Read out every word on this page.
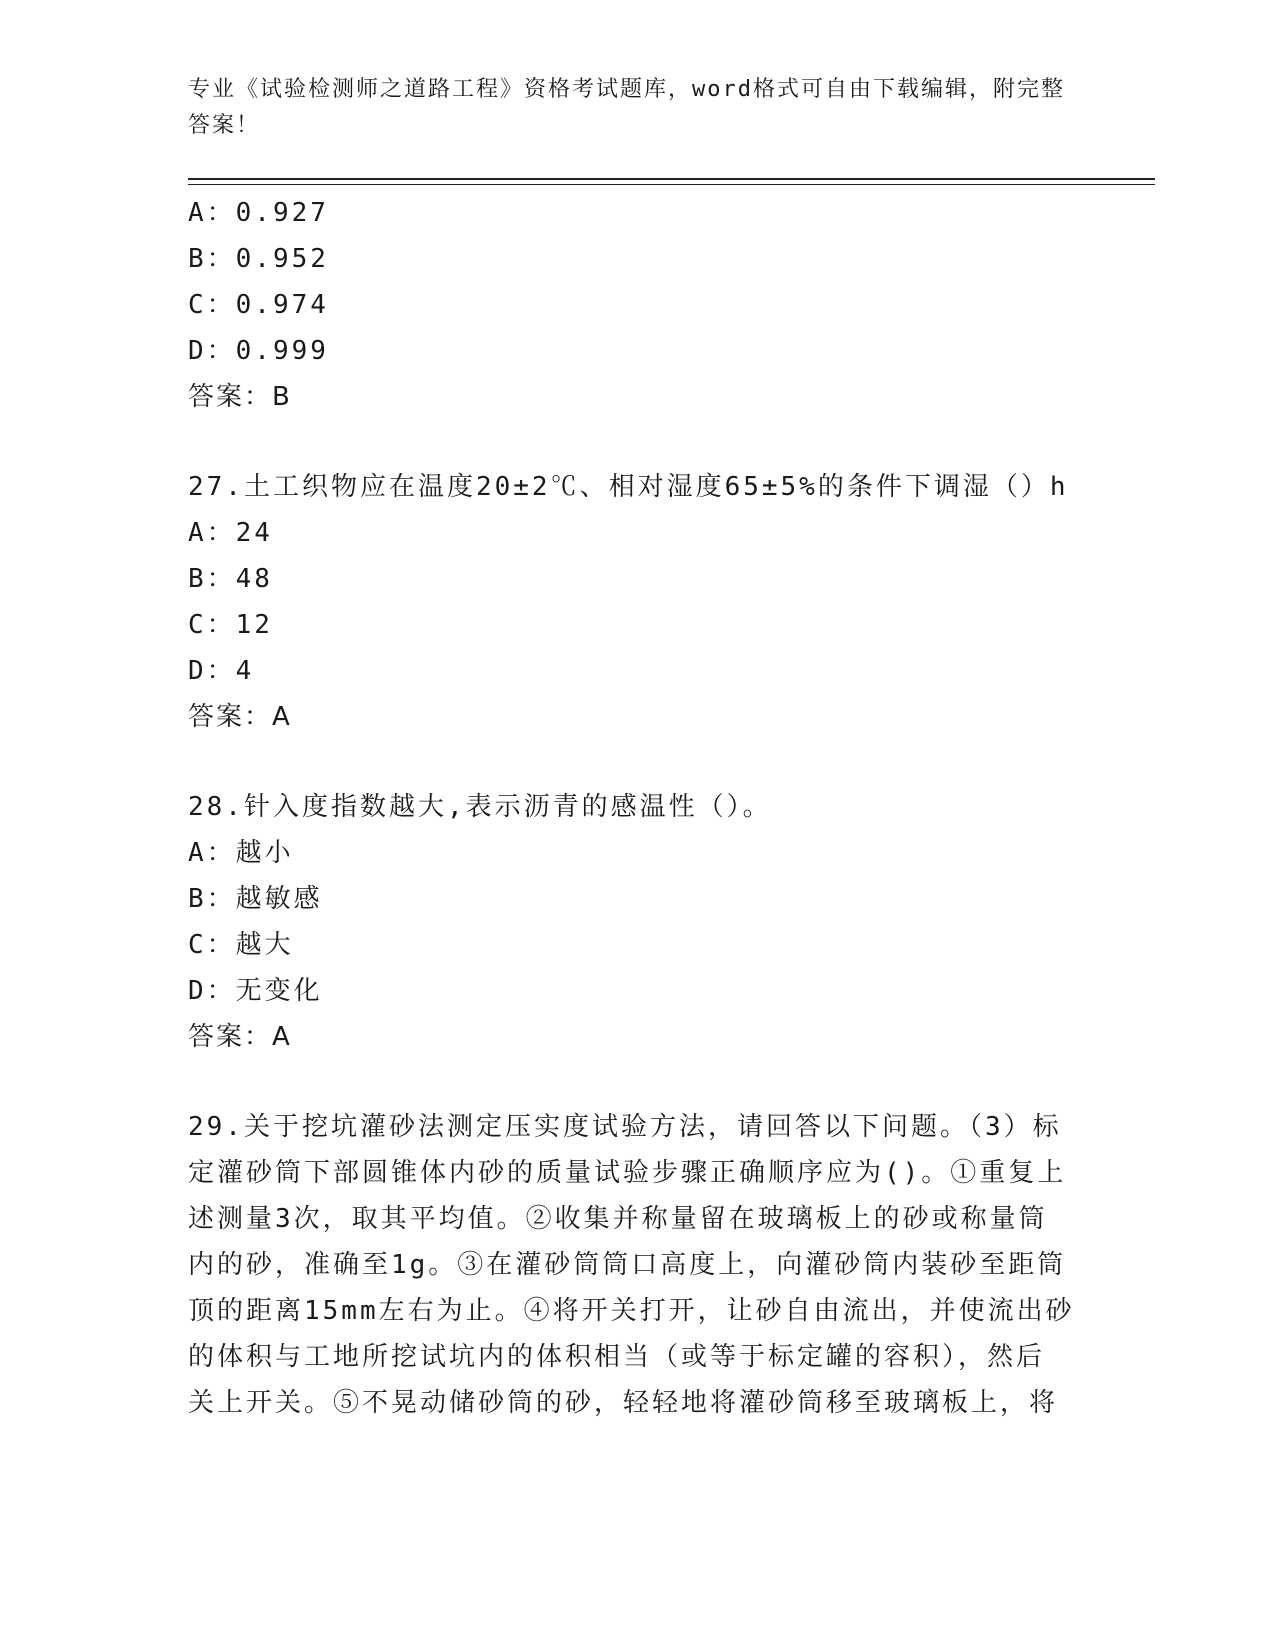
专业《试验检测师之道路工程》资格考试题库，word格式可自由下载编辑，附完整答案！
A：0.927
B：0.952
C：0.974
D：0.999
答案：B
27.土工织物应在温度20±2℃、相对湿度65±5%的条件下调湿（）h
A：24
B：48
C：12
D：4
答案：A
28.针入度指数越大,表示沥青的感温性（）。
A：越小
B：越敏感
C：越大
D：无变化
答案：A
29.关于挖坑灌砂法测定压实度试验方法，请回答以下问题。（3）标
定灌砂筒下部圆锥体内砂的质量试验步骤正确顺序应为()。①重复上
述测量3次，取其平均值。②收集并称量留在玻璃板上的砂或称量筒
内的砂，准确至1g。③在灌砂筒筒口高度上，向灌砂筒内装砂至距筒
顶的距离15mm左右为止。④将开关打开，让砂自由流出，并使流出砂
的体积与工地所挖试坑内的体积相当（或等于标定罐的容积），然后
关上开关。⑤不晃动储砂筒的砂，轻轻地将灌砂筒移至玻璃板上，将
